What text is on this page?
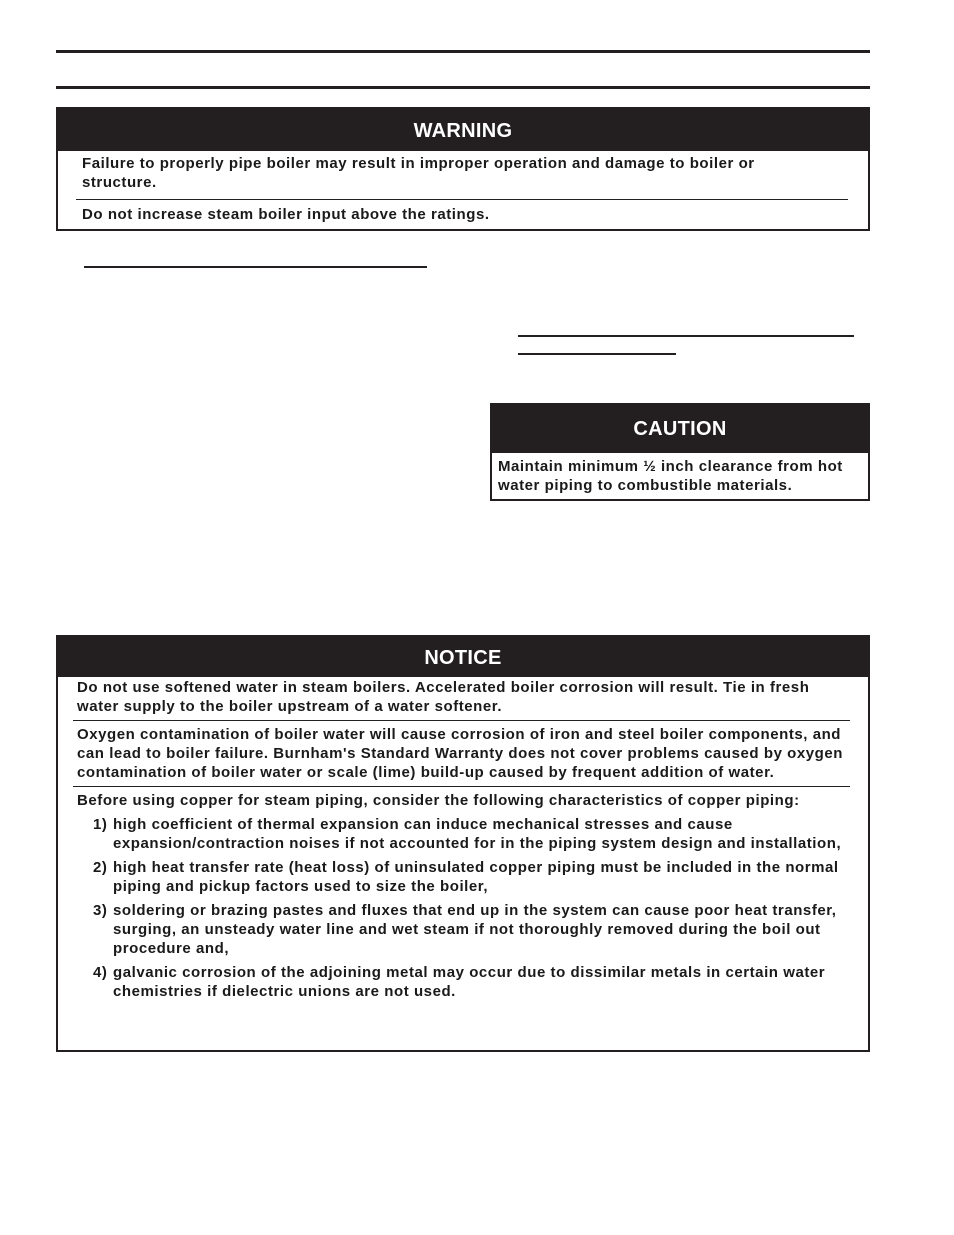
WARNING
Failure to properly pipe boiler may result in improper operation and damage to boiler or structure.
Do not increase steam boiler input above the ratings.
CAUTION
Maintain minimum ½ inch clearance from hot water piping to combustible materials.
NOTICE
Do not use softened water in steam boilers. Accelerated boiler corrosion will result. Tie in fresh water supply to the boiler upstream of a water softener.
Oxygen contamination of boiler water will cause corrosion of iron and steel boiler components, and can lead to boiler failure. Burnham's Standard Warranty does not cover problems caused by oxygen contamination of boiler water or scale (lime) build-up caused by frequent addition of water.
Before using copper for steam piping, consider the following characteristics of copper piping:
1) high coefficient of thermal expansion can induce mechanical stresses and cause expansion/contraction noises if not accounted for in the piping system design and installation,
2) high heat transfer rate (heat loss) of uninsulated copper piping must be included in the normal piping and pickup factors used to size the boiler,
3) soldering or brazing pastes and fluxes that end up in the system can cause poor heat transfer, surging, an unsteady water line and wet steam if not thoroughly removed during the boil out procedure and,
4) galvanic corrosion of the adjoining metal may occur due to dissimilar metals in certain water chemistries if dielectric unions are not used.
